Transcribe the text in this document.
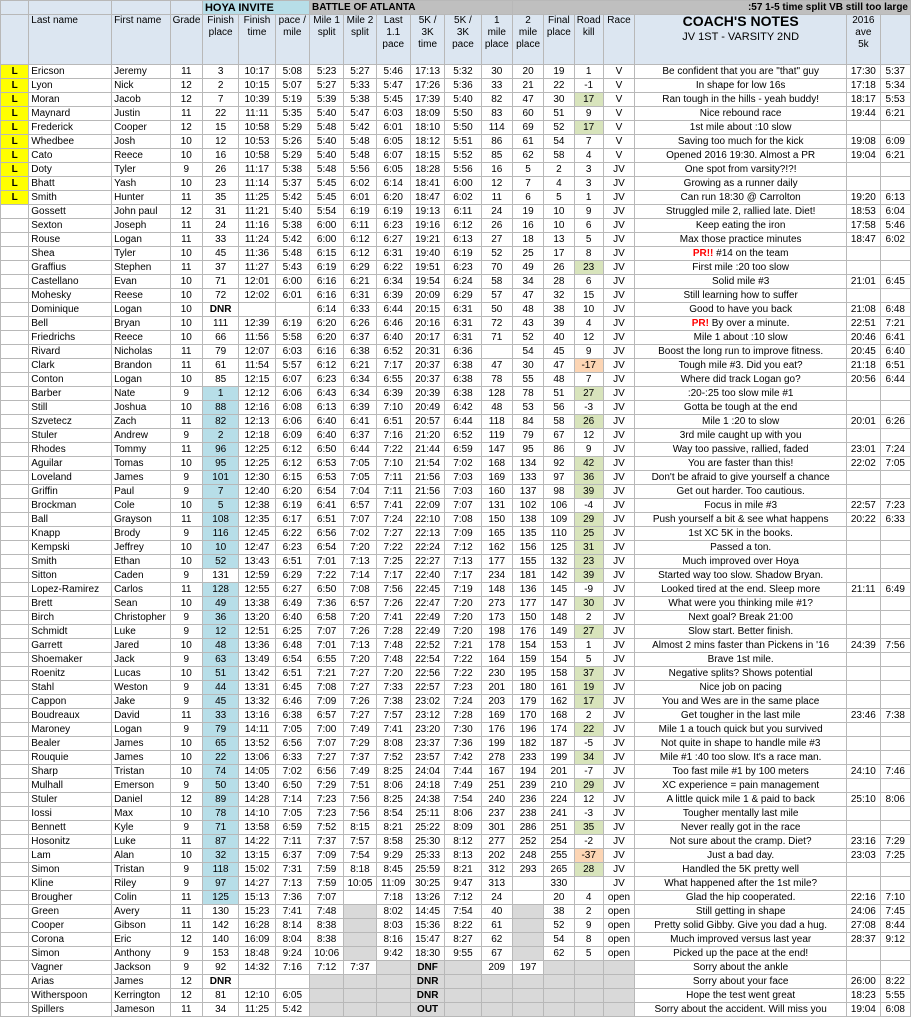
				HOYA INVITE			BATTLE OF ATLANTA						:57 1-5 time split VB still too large						
	Last name	First name	Grade	Finish place	Finish time	pace / mile	Mile 1 split	Mile 2 split	Last 1.1 pace	5K / 3K time	5K / 3K pace	1 mile place	2 mile place	Final place	Road kill	Race	COACH'S NOTES
JV 1ST - VARSITY 2ND	2016 ave 5k	
L	Ericson	Jeremy	11	3	10:17	5:08	5:23	5:27	5:46	17:13	5:32	30	20	19	1	V	Be confident that you are "that" guy	17:30	5:37
L	Lyon	Nick	12	2	10:15	5:07	5:27	5:33	5:47	17:26	5:36	33	21	22	-1	V	In shape for low 16s	17:18	5:34
L	Moran	Jacob	12	7	10:39	5:19	5:39	5:38	5:45	17:39	5:40	82	47	30	17	V	Ran tough in the hills - yeah buddy!	18:17	5:53
L	Maynard	Justin	11	22	11:11	5:35	5:40	5:47	6:03	18:09	5:50	83	60	51	9	V	Nice rebound race	19:44	6:21
L	Frederick	Cooper	12	15	10:58	5:29	5:48	5:42	6:01	18:10	5:50	114	69	52	17	V	1st mile about :10 slow		
L	Whedbee	Josh	10	12	10:53	5:26	5:40	5:48	6:05	18:12	5:51	86	61	54	7	V	Saving too much for the kick	19:08	6:09
L	Cato	Reece	10	16	10:58	5:29	5:40	5:48	6:07	18:15	5:52	85	62	58	4	V	Opened 2016 19:30. Almost a PR	19:04	6:21
L	Doty	Tyler	9	26	11:17	5:38	5:48	5:56	6:05	18:28	5:56	16	5	2	3	JV	One spot from varsity?!?!		
L	Bhatt	Yash	10	23	11:14	5:37	5:45	6:02	6:14	18:41	6:00	12	7	4	3	JV	Growing as a runner daily		
L	Smith	Hunter	11	35	11:25	5:42	5:45	6:01	6:20	18:47	6:02	11	6	5	1	JV	Can run 18:30 @ Carrolton	19:20	6:13
	Gossett	John paul	12	31	11:21	5:40	5:54	6:19	6:19	19:13	6:11	24	19	10	9	JV	Struggled mile 2, rallied late. Diet!	18:53	6:04
	Sexton	Joseph	11	24	11:16	5:38	6:00	6:11	6:23	19:16	6:12	26	16	10	6	JV	Keep eating the iron	17:58	5:46
	Rouse	Logan	11	33	11:24	5:42	6:00	6:12	6:27	19:21	6:13	27	18	13	5	JV	Max those practice minutes	18:47	6:02
	Shea	Tyler	10	45	11:36	5:48	6:15	6:12	6:31	19:40	6:19	52	25	17	8	JV	PR!! #14 on the team		
	Graffius	Stephen	11	37	11:27	5:43	6:19	6:29	6:22	19:51	6:23	70	49	26	23	JV	First mile :20 too slow		
	Castellano	Evan	10	71	12:01	6:00	6:16	6:21	6:34	19:54	6:24	58	34	28	6	JV	Solid mile #3	21:01	6:45
	Mohesky	Reese	10	72	12:02	6:01	6:16	6:31	6:39	20:09	6:29	57	47	32	15	JV	Still learning how to suffer		
	Dominique	Logan	10	DNR			6:14	6:33	6:44	20:15	6:31	50	48	38	10	JV	Good to have you back	21:08	6:48
	Bell	Bryan	10	111	12:39	6:19	6:20	6:26	6:46	20:16	6:31	72	43	39	4	JV	PR! By over a minute.	22:51	7:21
	Friedrichs	Reece	10	66	11:56	5:58	6:20	6:37	6:40	20:17	6:31	71	52	40	12	JV	Mile 1 about :10 slow	20:46	6:41
	Rivard	Nicholas	11	79	12:07	6:03	6:16	6:38	6:52	20:31	6:36		54	45	9	JV	Boost the long run to improve fitness.	20:45	6:40
	Clark	Brandon	11	61	11:54	5:57	6:12	6:21	7:17	20:37	6:38	47	30	47	-17	JV	Tough mile #3. Did you eat?	21:18	6:51
	Conton	Logan	10	85	12:15	6:07	6:23	6:34	6:55	20:37	6:38	78	55	48	7	JV	Where did track Logan go?	20:56	6:44
	Barber	Nate	9	1	12:12	6:06	6:43	6:34	6:39	20:39	6:38	128	78	51	27	JV	:20-:25 too slow mile #1		
	Still	Joshua	10	88	12:16	6:08	6:13	6:39	7:10	20:49	6:42	48	53	56	-3	JV	Gotta be tough at the end		
	Szvetecz	Zach	11	82	12:13	6:06	6:40	6:41	6:51	20:57	6:44	118	84	58	26	JV	Mile 1 :20 to slow	20:01	6:26
	Stuler	Andrew	9	2	12:18	6:09	6:40	6:37	7:16	21:20	6:52	119	79	67	12	JV	3rd mile caught up with you		
	Rhodes	Tommy	11	96	12:25	6:12	6:50	6:44	7:22	21:44	6:59	147	95	86	9	JV	Way too passive, rallied, faded	23:01	7:24
	Aguilar	Tomas	10	95	12:25	6:12	6:53	7:05	7:10	21:54	7:02	168	134	92	42	JV	You are faster than this!	22:02	7:05
	Loveland	James	9	101	12:30	6:15	6:53	7:05	7:11	21:56	7:03	169	133	97	36	JV	Don't be afraid to give yourself a chance		
	Griffin	Paul	9	7	12:40	6:20	6:54	7:04	7:11	21:56	7:03	160	137	98	39	JV	Get out harder. Too cautious.		
	Brockman	Cole	10	5	12:38	6:19	6:41	6:57	7:41	22:09	7:07	131	102	106	-4	JV	Focus in mile #3	22:57	7:23
	Ball	Grayson	11	108	12:35	6:17	6:51	7:07	7:24	22:10	7:08	150	138	109	29	JV	Push yourself a bit & see what happens	20:22	6:33
	Knapp	Brody	9	116	12:45	6:22	6:56	7:02	7:27	22:13	7:09	165	135	110	25	JV	1st XC 5K in the books.		
	Kempski	Jeffrey	10	10	12:47	6:23	6:54	7:20	7:22	22:24	7:12	162	156	125	31	JV	Passed a ton.		
	Smith	Ethan	10	52	13:43	6:51	7:01	7:13	7:25	22:27	7:13	177	155	132	23	JV	Much improved over Hoya		
	Sitton	Caden	9	131	12:59	6:29	7:22	7:14	7:17	22:40	7:17	234	181	142	39	JV	Started way too slow. Shadow Bryan.		
	Lopez-Ramirez	Carlos	11	128	12:55	6:27	6:50	7:08	7:56	22:45	7:19	148	136	145	-9	JV	Looked tired at the end. Sleep more	21:11	6:49
	Brett	Sean	10	49	13:38	6:49	7:36	6:57	7:26	22:47	7:20	273	177	147	30	JV	What were you thinking mile #1?		
	Birch	Christopher	9	36	13:20	6:40	6:58	7:20	7:41	22:49	7:20	173	150	148	2	JV	Next goal? Break 21:00		
	Schmidt	Luke	9	12	12:51	6:25	7:07	7:26	7:28	22:49	7:20	198	176	149	27	JV	Slow start. Better finish.		
	Garrett	Jared	10	48	13:36	6:48	7:01	7:13	7:48	22:52	7:21	178	154	153	1	JV	Almost 2 mins faster than Pickens in '16	24:39	7:56
	Shoemaker	Jack	9	63	13:49	6:54	6:55	7:20	7:48	22:54	7:22	164	159	154	5	JV	Brave 1st mile.		
	Roenitz	Lucas	10	51	13:42	6:51	7:21	7:27	7:20	22:56	7:22	230	195	158	37	JV	Negative splits? Shows potential		
	Stahl	Weston	9	44	13:31	6:45	7:08	7:27	7:33	22:57	7:23	201	180	161	19	JV	Nice job on pacing		
	Cappon	Jake	9	45	13:32	6:46	7:09	7:26	7:38	23:02	7:24	203	179	162	17	JV	You and Wes are in the same place		
	Boudreaux	David	11	33	13:16	6:38	6:57	7:27	7:57	23:12	7:28	169	170	168	2	JV	Get tougher in the last mile	23:46	7:38
	Maroney	Logan	9	79	14:11	7:05	7:00	7:49	7:41	23:20	7:30	176	196	174	22	JV	Mile 1 a touch quick but you survived		
	Bealer	James	10	65	13:52	6:56	7:07	7:29	8:08	23:37	7:36	199	182	187	-5	JV	Not quite in shape to handle mile #3		
	Rouquie	James	10	22	13:06	6:33	7:27	7:37	7:52	23:57	7:42	278	233	199	34	JV	Mile #1 :40 too slow. It's a race man.		
	Sharp	Tristan	10	74	14:05	7:02	6:56	7:49	8:25	24:04	7:44	167	194	201	-7	JV	Too fast mile #1 by 100 meters	24:10	7:46
	Mulhall	Emerson	9	50	13:40	6:50	7:29	7:51	8:06	24:18	7:49	251	239	210	29	JV	XC experience = pain management		
	Stuler	Daniel	12	89	14:28	7:14	7:23	7:56	8:25	24:38	7:54	240	236	224	12	JV	A little quick mile 1 & paid to back	25:10	8:06
	Iossi	Max	10	78	14:10	7:05	7:23	7:56	8:54	25:11	8:06	237	238	241	-3	JV	Tougher mentally last mile		
	Bennett	Kyle	9	71	13:58	6:59	7:52	8:15	8:21	25:22	8:09	301	286	251	35	JV	Never really got in the race		
	Hosonitz	Luke	11	87	14:22	7:11	7:37	7:57	8:58	25:30	8:12	277	252	254	-2	JV	Not sure about the cramp. Diet?	23:16	7:29
	Lam	Alan	10	32	13:15	6:37	7:09	7:54	9:29	25:33	8:13	202	248	255	-37	JV	Just a bad day.	23:03	7:25
	Simon	Tristan	9	118	15:02	7:31	7:59	8:18	8:45	25:59	8:21	312	293	265	28	JV	Handled the 5K pretty well		
	Kline	Riley	9	97	14:27	7:13	7:59	10:05	11:09	30:25	9:47	313		330		JV	What happened after the 1st mile?		
	Brougher	Colin	11	125	15:13	7:36	7:07		7:18	13:26	7:12	24		20	4	open	Glad the hip cooperated.	22:16	7:10
	Green	Avery	11	130	15:23	7:41	7:48		8:02	14:45	7:54	40		38	2	open	Still getting in shape	24:06	7:45
	Cooper	Gibson	11	142	16:28	8:14	8:38		8:03	15:36	8:22	61		52	9	open	Pretty solid Gibby. Give you dad a hug.	27:08	8:44
	Corona	Eric	12	140	16:09	8:04	8:38		8:16	15:47	8:27	62		54	8	open	Much improved versus last year	28:37	9:12
	Simon	Anthony	9	153	18:48	9:24	10:06		9:42	18:30	9:55	67		62	5	open	Picked up the pace at the end!		
	Vagner	Jackson	9	92	14:32	7:16	7:12	7:37		DNF		209	197				Sorry about the ankle		
	Arias	James	12	DNR						DNR							Sorry about your face	26:00	8:22
	Witherspoon	Kerrington	12	81	12:10	6:05				DNR							Hope the test went great	18:23	5:55
	Spillers	Jameson	11	34	11:25	5:42				OUT							Sorry about the accident. Will miss you	19:04	6:08
